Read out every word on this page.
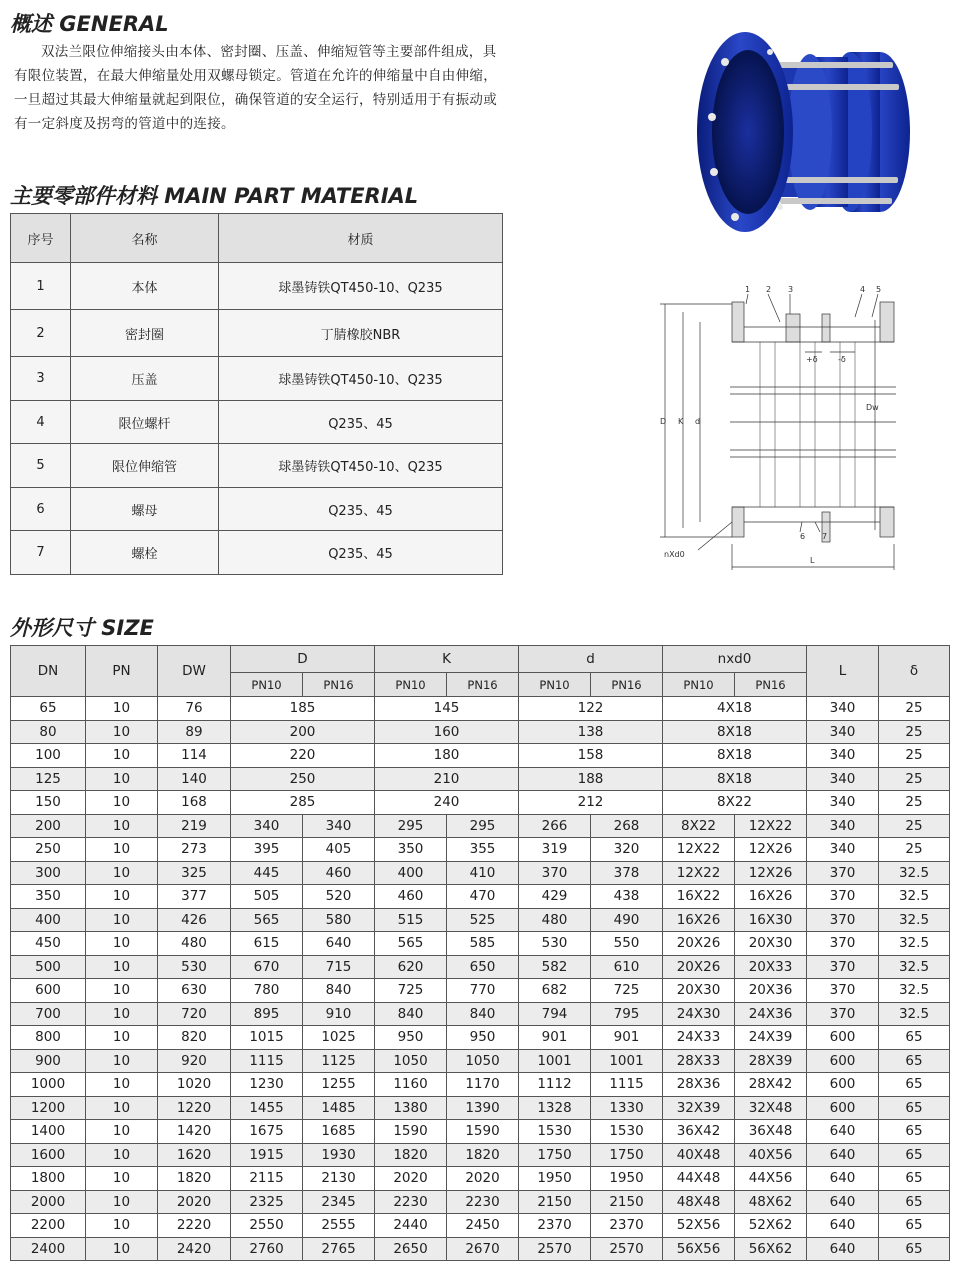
概述 GENERAL

双法兰限位伸缩接头由本体、密封圈、压盖、伸缩短管等主要部件组成，具有限位装置，在最大伸缩量处用双螺母锁定。管道在允许的伸缩量中自由伸缩，一旦超过其最大伸缩量就起到限位，确保管道的安全运行，特别适用于有振动或有一定斜度及拐弯的管道中的连接。

主要零部件材料 MAIN PART MATERIAL
序号	名称	材质
1	本体	球墨铸铁QT450-10、Q235
2	密封圈	丁腈橡胶NBR
3	压盖	球墨铸铁QT450-10、Q235
4	限位螺杆	Q235、45
5	限位伸缩管	球墨铸铁QT450-10、Q235
6	螺母	Q235、45
7	螺栓	Q235、45
1 2 3	4 5
6 7
D K d
Dw
L
nXd0
+δ	-δ
外形尺寸 SIZE
DN	PN	DW	D		K		d		nxd0		L	δ
			PN10	PN16	PN10	PN16	PN10	PN16	PN10	PN16		
65	10	76	185		145		122		4X18		340	25
80	10	89	200		160		138		8X18		340	25
100	10	114	220		180		158		8X18		340	25
125	10	140	250		210		188		8X18		340	25
150	10	168	285		240		212		8X22		340	25
200	10	219	340	340	295	295	266	268	8X22	12X22	340	25
250	10	273	395	405	350	355	319	320	12X22	12X26	340	25
300	10	325	445	460	400	410	370	378	12X22	12X26	370	32.5
350	10	377	505	520	460	470	429	438	16X22	16X26	370	32.5
400	10	426	565	580	515	525	480	490	16X26	16X30	370	32.5
450	10	480	615	640	565	585	530	550	20X26	20X30	370	32.5
500	10	530	670	715	620	650	582	610	20X26	20X33	370	32.5
600	10	630	780	840	725	770	682	725	20X30	20X36	370	32.5
700	10	720	895	910	840	840	794	795	24X30	24X36	370	32.5
800	10	820	1015	1025	950	950	901	901	24X33	24X39	600	65
900	10	920	1115	1125	1050	1050	1001	1001	28X33	28X39	600	65
1000	10	1020	1230	1255	1160	1170	1112	1115	28X36	28X42	600	65
1200	10	1220	1455	1485	1380	1390	1328	1330	32X39	32X48	600	65
1400	10	1420	1675	1685	1590	1590	1530	1530	36X42	36X48	640	65
1600	10	1620	1915	1930	1820	1820	1750	1750	40X48	40X56	640	65
1800	10	1820	2115	2130	2020	2020	1950	1950	44X48	44X56	640	65
2000	10	2020	2325	2345	2230	2230	2150	2150	48X48	48X62	640	65
2200	10	2220	2550	2555	2440	2450	2370	2370	52X56	52X62	640	65
2400	10	2420	2760	2765	2650	2670	2570	2570	56X56	56X62	640	65
